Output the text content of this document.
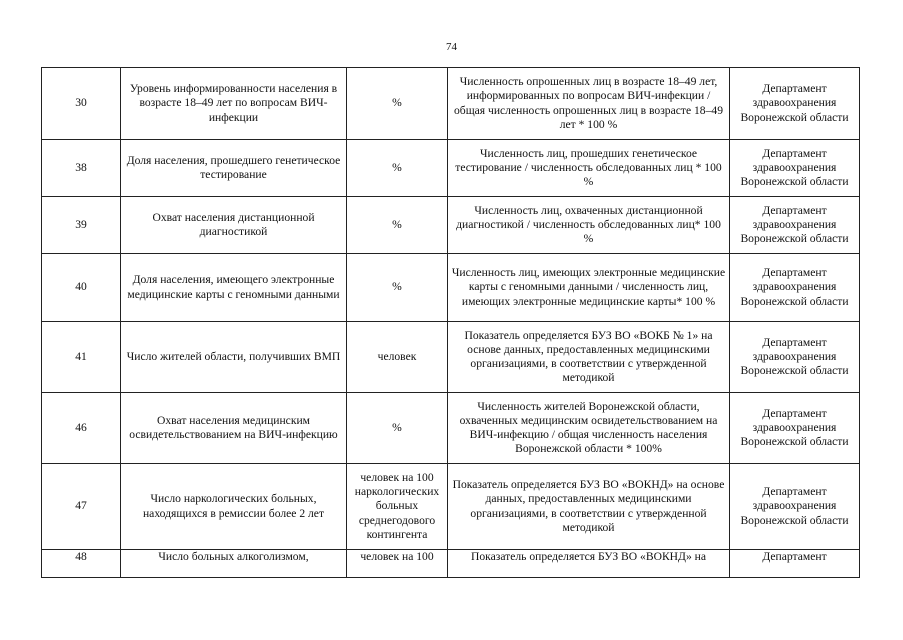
74
30	Уровень информированности населения в возрасте 18–49 лет по вопросам ВИЧ-инфекции	%	Численность опрошенных лиц в возрасте 18–49 лет, информированных по вопросам ВИЧ-инфекции / общая численность опрошенных лиц в возрасте 18–49 лет * 100 %	Департамент здравоохранения Воронежской области
38	Доля населения, прошедшего генетическое тестирование	%	Численность лиц, прошедших генетическое тестирование / численность обследованных лиц * 100 %	Департамент здравоохранения Воронежской области
39	Охват населения дистанционной диагностикой	%	Численность лиц, охваченных дистанционной диагностикой / численность обследованных лиц* 100 %	Департамент здравоохранения Воронежской области
40	Доля населения, имеющего электронные медицинские карты с геномными данными	%	Численность лиц, имеющих электронные медицинские карты с геномными данными / численность лиц, имеющих электронные медицинские карты* 100 %	Департамент здравоохранения Воронежской области
41	Число жителей области, получивших ВМП	человек	Показатель определяется БУЗ ВО «ВОКБ № 1» на основе данных, предоставленных медицинскими организациями, в соответствии с утвержденной методикой	Департамент здравоохранения Воронежской области
46	Охват населения медицинским освидетельствованием на ВИЧ-инфекцию	%	Численность жителей Воронежской области, охваченных медицинским освидетельствованием на ВИЧ-инфекцию / общая численность населения Воронежской области * 100%	Департамент здравоохранения Воронежской области
47	Число наркологических больных, находящихся в ремиссии более 2 лет	человек на 100 наркологических больных среднегодового контингента	Показатель определяется БУЗ ВО «ВОКНД» на основе данных, предоставленных медицинскими организациями, в соответствии с утвержденной методикой	Департамент здравоохранения Воронежской области
48	Число больных алкоголизмом,	человек на 100	Показатель определяется БУЗ ВО «ВОКНД» на	Департамент
